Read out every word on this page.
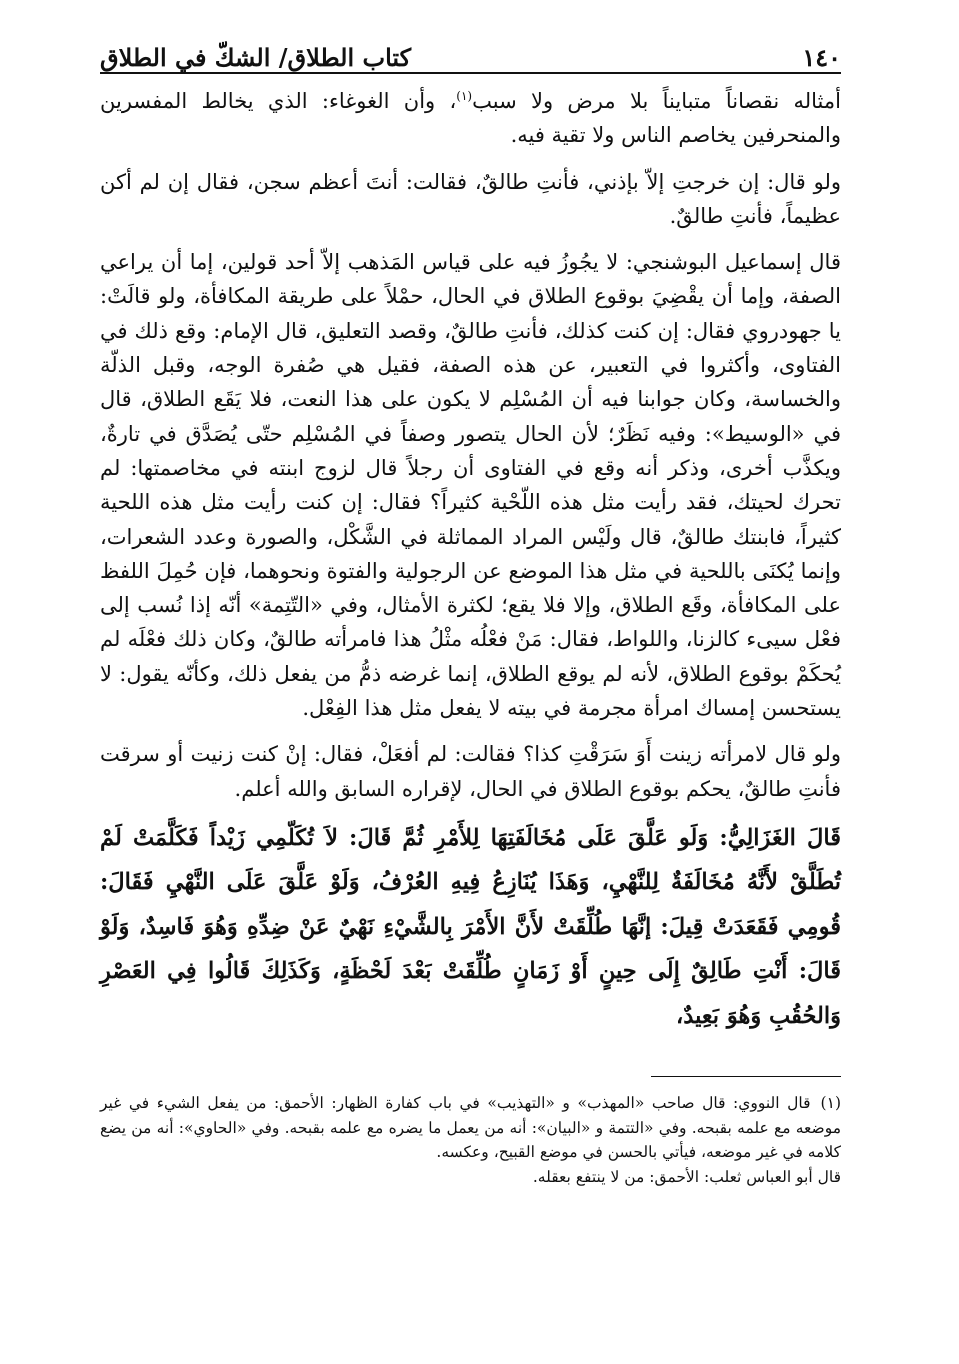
١٤٠
كتاب الطلاق/ الشكّ في الطلاق

أمثاله نقصاناً متبايناً بلا مرض ولا سبب$^{(١)}$، وأن الغوغاء: الذي يخالط المفسرين والمنحرفين يخاصم الناس ولا تقية فيه.

ولو قال: إن خرجتِ إلاّ بإذني، فأنتِ طالقٌ، فقالت: أنتَ أعظم سجن، فقال إن لم أكن عظيماً، فأنتِ طالقٌ.

قال إسماعيل البوشنجي: لا يجُوزُ فيه على قياس المَذهب إلاّ أحد قولين، إما أن يراعي الصفة، وإما أن يقْضِيَ بوقوع الطلاق في الحال، حمْلاً على طريقة المكافأة، ولو قالَتْ: يا جهودروي فقال: إن كنت كذلك، فأنتِ طالقٌ، وقصد التعليق، قال الإمام: وقع ذلك في الفتاوى، وأكثروا في التعبير، عن هذه الصفة، فقيل هي صُفرة الوجه، وقبل الذلّة والخساسة، وكان جوابنا فيه أن المُسْلِم لا يكون على هذا النعت، فلا يَقَع الطلاق، قال في «الوسيط»: وفيه نَظَرٌ؛ لأن الحال يتصور وصفاً في المُسْلِم حتّى يُصَدَّق في تارةٌ، ويكذَّب أخرى، وذكر أنه وقع في الفتاوى أن رجلاً قال لزوج ابنته في مخاصمتها: لم تحرك لحيتك، فقد رأيت مثل هذه اللّحْية كثيراً؟ فقال: إن كنت رأيت مثل هذه اللحية كثيراً، فابنتك طالقٌ، قال ولَيْس المراد المماثلة في الشَّكْل، والصورة وعدد الشعرات، وإنما يُكنَى باللحية في مثل هذا الموضع عن الرجولية والفتوة ونحوهما، فإن حُمِلَ اللفظ على المكافأة، وقَع الطلاق، وإلا فلا يقع؛ لكثرة الأمثال، وفي «التّتِمة» أنّه إذا نُسب إلى فعْل سيىء كالزنا، واللواط، فقال: مَنْ فعْلُه مثْلُ هذا فامرأته طالقٌ، وكان ذلك فعْلَه لم يُحكَمْ بوقوع الطلاق، لأنه لم يوقع الطلاق، إنما غرضه ذمُّ من يفعل ذلك، وكأنّه يقول: لا يستحسن إمساك امرأة مجرمة في بيته لا يفعل مثل هذا الفِعْل.

ولو قال لامرأته زينت أَوَ سَرَقْتِ كذا؟ فقالت: لم أفعَلْ، فقال: إنْ كنت زنيت أو سرقت فأنتِ طالقٌ، يحكم بوقوع الطلاق في الحال، لإقراره السابق والله أعلم.

قَالَ الغَزَالِيُّ: وَلَو عَلَّقَ عَلَى مُخَالَفَتِهَا لِلأَمْرِ ثُمَّ قَالَ: لاَ تُكَلّمِي زَيْداً فَكَلَّمَتْ لَمْ تُطَلَّقْ لأَنَّهُ مُخَالَفَةٌ لِلنَّهْيِ، وَهَذَا يُنَازِعُ فِيهِ العُرْفُ، وَلَوْ عَلَّقَ عَلَى النَّهْيِ فَقَالَ: قُومِي فَقَعَدَتْ قِيلَ: إنَّهَا طُلِّقَتْ لأَنَّ الأَمْرَ بِالشَّيْءِ نَهْيٌ عَنْ ضِدِّهِ وَهُوَ فَاسِدٌ، وَلَوْ قَالَ: أَنْتِ طَالِقٌ إِلَى حِينٍ أَوْ زَمَانٍ طُلِّقَتْ بَعْدَ لَحْظَةٍ، وَكَذَلِكَ قَالُوا فِي العَصْرِ وَالحُقُبِ وَهُوَ بَعِيدٌ،

(١)قال النووي: قال صاحب «المهذب» و «التهذيب» في باب كفارة الظهار: الأحمق: من يفعل الشيء في غير موضعه مع علمه بقبحه. وفي «التتمة و «البيان»: أنه من يعمل ما يضره مع علمه بقبحه. وفي «الحاوي»: أنه من يضع كلامه في غير موضعه، فيأتي بالحسن في موضع القبيح، وعكسه.

قال أبو العباس ثعلب: الأحمق: من لا ينتفع بعقله.
